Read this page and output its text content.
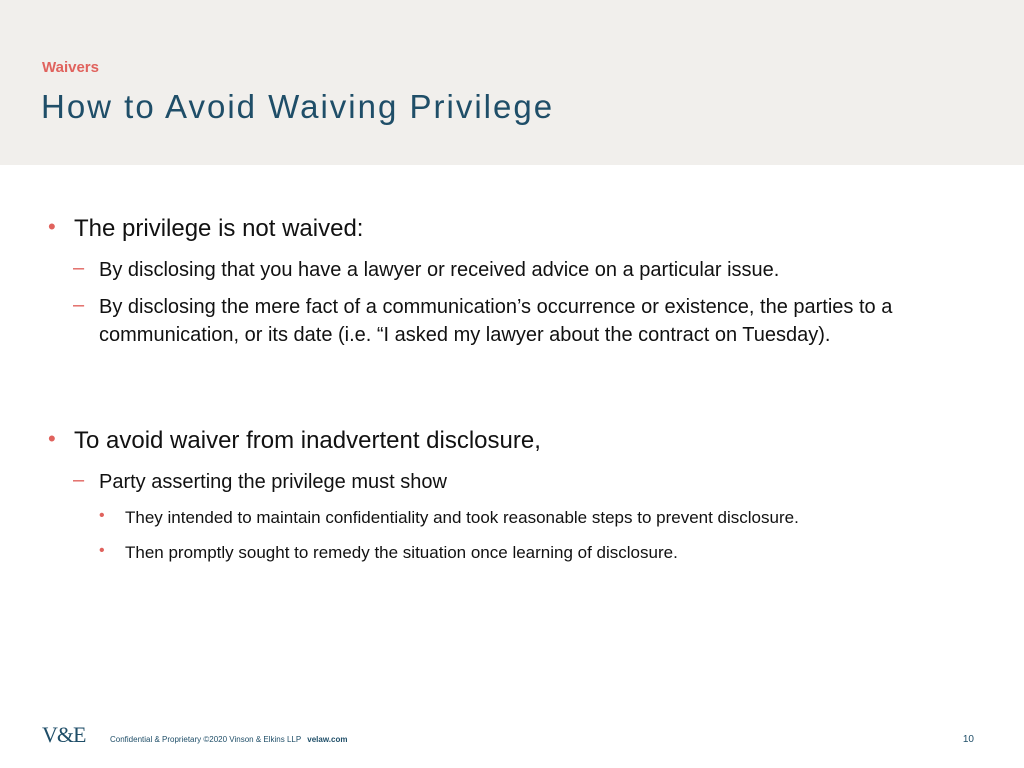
Waivers
How to Avoid Waiving Privilege
• The privilege is not waived:
– By disclosing that you have a lawyer or received advice on a particular issue.
– By disclosing the mere fact of a communication’s occurrence or existence, the parties to a communication, or its date (i.e. “I asked my lawyer about the contract on Tuesday).
• To avoid waiver from inadvertent disclosure,
– Party asserting the privilege must show
• They intended to maintain confidentiality and took reasonable steps to prevent disclosure.
• Then promptly sought to remedy the situation once learning of disclosure.
V&E	Confidential & Proprietary ©2020 Vinson & Elkins LLP velaw.com	10
